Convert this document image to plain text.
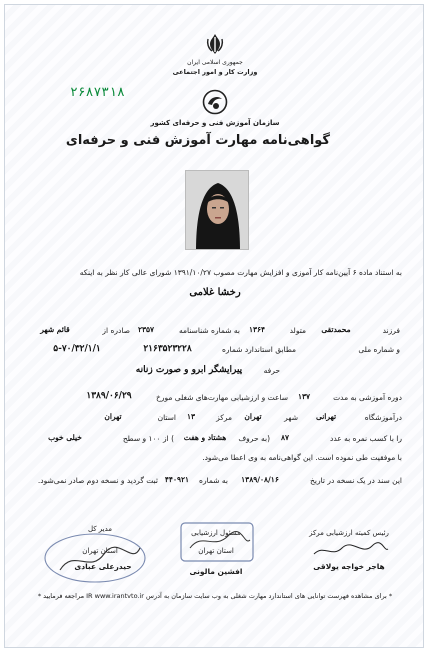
جمهوری اسلامی ایران
وزارت کار و امور اجتماعی
۲۶۸۷۳۱۸
سازمان آموزش فنی و حرفه‌ای کشور
گواهی‌نامه مهارت آموزش فنی و حرفه‌ای
به استناد ماده ۶ آیین‌نامه کار آموزی و افزایش مهارت مصوب ۱۳۹۱/۱۰/۲۷ شورای عالی کار نظر به اینکه
رخشا غلامی
فرزند
محمدتقی
متولد
۱۳۶۴
به شماره شناسنامه
۲۳۵۷
صادره از
قائم شهر
و شماره ملی
مطابق استاندارد شماره
۲۱۶۳۵۲۳۲۲۸
۵-۷۰/۳۲/۱/۱
حرفه
پیرایشگر ابرو و صورت زنانه
دوره آموزشی به مدت
۱۳۷
ساعت و ارزشیابی مهارت‌های شغلی مورخ
۱۳۸۹/۰۶/۲۹
درآموزشگاه
تهرانی
شهر
تهران
مرکز
۱۳
استان
تهران
را با کسب نمره به عدد
۸۷
(به حروف
هشتاد و هفت
) از ۱۰۰ و سطح
خیلی خوب
با موفقیت طی نموده است. این گواهی‌نامه به وی اعطا می‌شود.
این سند در یک نسخه در تاریخ
۱۳۸۹/۰۸/۱۶
به شماره
۴۴۰۹۲۱
ثبت گردید و نسخه دوم صادر نمی‌شود.
رئیس کمیته ارزشیابی مرکز
هاجر خواجه یولاقی
مسئول ارزشیابی
استان تهران
افشین مالونی
مدیر کل
استان تهران
حیدرعلی عبادی
* برای مشاهده فهرست توانایی های استاندارد مهارت شغلی به وب سایت سازمان به آدرس IR www.irantvto.ir مراجعه فرمایید *
